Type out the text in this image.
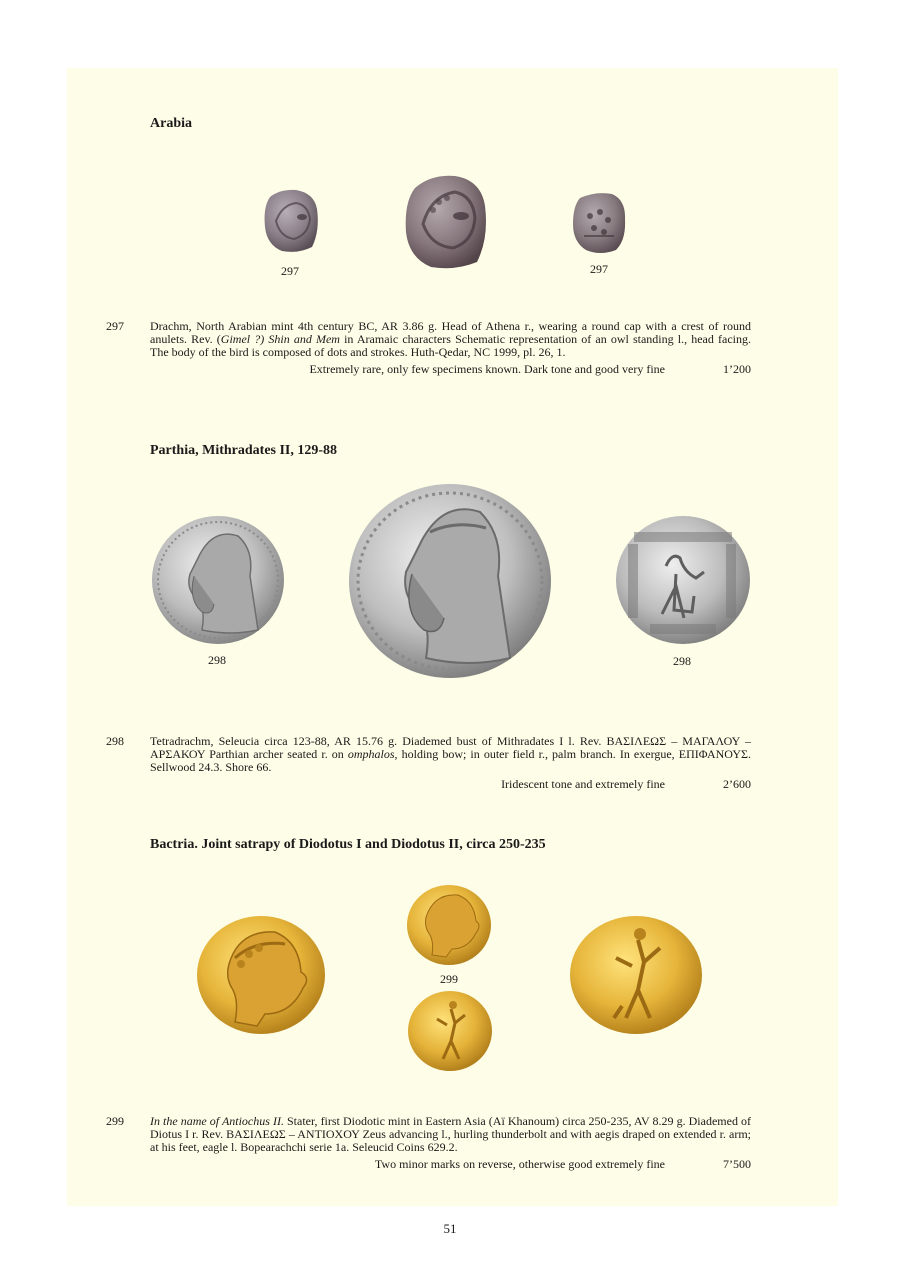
Arabia
297	297
297 Drachm, North Arabian mint 4th century BC, AR 3.86 g. Head of Athena r., wearing a round cap with a crest of round anulets. Rev. (Gimel ?) Shin and Mem in Aramaic characters Schematic representation of an owl standing l., head facing. The body of the bird is composed of dots and strokes. Huth-Qedar, NC 1999, pl. 26, 1.
Extremely rare, only few specimens known. Dark tone and good very fine	1’200
Parthia, Mithradates II, 129-88
298	298
298 Tetradrachm, Seleucia circa 123-88, AR 15.76 g. Diademed bust of Mithradates I l. Rev. ΒΑΣΙΛΕΩΣ – ΜΑΓΑΛΟΥ – ΑΡΣΑΚΟΥ Parthian archer seated r. on omphalos, holding bow; in outer field r., palm branch. In exergue, ΕΠΙΦΑΝΟΥΣ. Sellwood 24.3. Shore 66.
Iridescent tone and extremely fine	2’600
Bactria. Joint satrapy of Diodotus I and Diodotus II, circa 250-235
299
299 In the name of Antiochus II. Stater, first Diodotic mint in Eastern Asia (Aï Khanoum) circa 250-235, AV 8.29 g. Diademed of Diotus I r. Rev. ΒΑΣΙΛΕΩΣ – ΑΝΤΙΟΧΟΥ Zeus advancing l., hurling thunderbolt and with aegis draped on extended r. arm; at his feet, eagle l. Bopearachchi serie 1a. Seleucid Coins 629.2.
Two minor marks on reverse, otherwise good extremely fine	7’500
51
